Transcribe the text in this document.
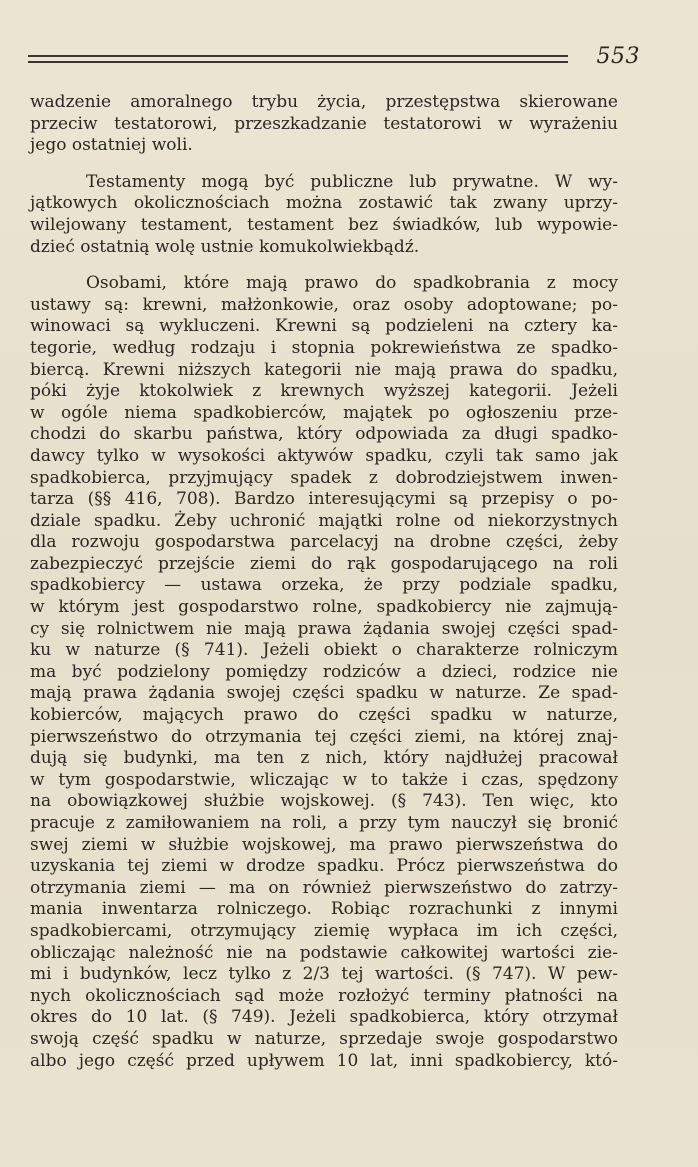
553
wadzenie amoralnego trybu życia, przestępstwa skierowane
przeciw testatorowi, przeszkadzanie testatorowi w wyrażeniu
jego ostatniej woli.
Testamenty mogą być publiczne lub prywatne. W wy-
jątkowych okolicznościach można zostawić tak zwany uprzy-
wilejowany testament, testament bez świadków, lub wypowie-
dzieć ostatnią wolę ustnie komukolwiekbądź.
Osobami, które mają prawo do spadkobrania z mocy
ustawy są: krewni, małżonkowie, oraz osoby adoptowane; po-
winowaci są wykluczeni. Krewni są podzieleni na cztery ka-
tegorie, według rodzaju i stopnia pokrewieństwa ze spadko-
biercą. Krewni niższych kategorii nie mają prawa do spadku,
póki żyje ktokolwiek z krewnych wyższej kategorii. Jeżeli
w ogóle niema spadkobierców, majątek po ogłoszeniu prze-
chodzi do skarbu państwa, który odpowiada za długi spadko-
dawcy tylko w wysokości aktywów spadku, czyli tak samo jak
spadkobierca, przyjmujący spadek z dobrodziejstwem inwen-
tarza (§§ 416, 708). Bardzo interesującymi są przepisy o po-
dziale spadku. Żeby uchronić majątki rolne od niekorzystnych
dla rozwoju gospodarstwa parcelacyj na drobne części, żeby
zabezpieczyć przejście ziemi do rąk gospodarującego na roli
spadkobiercy — ustawa orzeka, że przy podziale spadku,
w którym jest gospodarstwo rolne, spadkobiercy nie zajmują-
cy się rolnictwem nie mają prawa żądania swojej części spad-
ku w naturze (§ 741). Jeżeli obiekt o charakterze rolniczym
ma być podzielony pomiędzy rodziców a dzieci, rodzice nie
mają prawa żądania swojej części spadku w naturze. Ze spad-
kobierców, mających prawo do części spadku w naturze,
pierwszeństwo do otrzymania tej części ziemi, na której znaj-
dują się budynki, ma ten z nich, który najdłużej pracował
w tym gospodarstwie, wliczając w to także i czas, spędzony
na obowiązkowej służbie wojskowej. (§ 743). Ten więc, kto
pracuje z zamiłowaniem na roli, a przy tym nauczył się bronić
swej ziemi w służbie wojskowej, ma prawo pierwszeństwa do
uzyskania tej ziemi w drodze spadku. Prócz pierwszeństwa do
otrzymania ziemi — ma on również pierwszeństwo do zatrzy-
mania inwentarza rolniczego. Robiąc rozrachunki z innymi
spadkobiercami, otrzymujący ziemię wypłaca im ich części,
obliczając należność nie na podstawie całkowitej wartości zie-
mi i budynków, lecz tylko z 2/3 tej wartości. (§ 747). W pew-
nych okolicznościach sąd może rozłożyć terminy płatności na
okres do 10 lat. (§ 749). Jeżeli spadkobierca, który otrzymał
swoją część spadku w naturze, sprzedaje swoje gospodarstwo
albo jego część przed upływem 10 lat, inni spadkobiercy, któ-
